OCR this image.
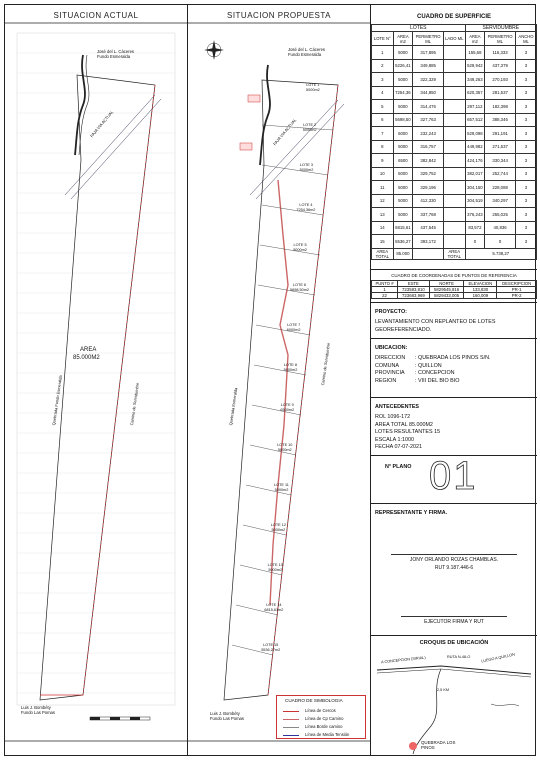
SITUACION ACTUAL
José del L. Cáceres
Fundo Esmeralda
FAJA VIA ACTUAL
AREA
85.000M2
Quebrada Fundo Esmeralda	Camino de Servidumbre
Luis J. Bombéty
Fundo Las Pomas
SITUACION PROPUESTA
José del L. Cáceres
Fundo Esmeralda
FAJA VIA ACTUAL
Quebrada Esmeralda
Camino de Servidumbre
LOTE 1
5000m2
LOTE 2
5000m2
LOTE 3
5000m2
LOTE 4
7254,36m2
LOTE 5
5000m2
LOTE 6
5698,50m2
LOTE 7
6000m2
LOTE 8
5000m2
LOTE 9
6500m2
LOTE 10
5000m2
LOTE 11
5000m2
LOTE 12
5000m2
LOTE 13
5000m2
LOTE 14
6815,61m2
LOTE 15
5536,27m2
Luis J. Bombéty
Fundo Las Pomas
CUADRO DE SIMBOLOGIA
Línea de Cercos
Línea de Cp Camino
Línea Borde camino
Línea de Media Tensión
CUADRO DE SUPERFICIE
LOTES				SERVIDUMBRE		
LOTE N°	AREA m2	PERIMETRO ML	LADO ML	AREA m2	PERIMETRO ML	ANCHO ML
1	5000	317,895		155,68	116,333	3
2	5226,41	349,885		529,942	437,379	3
3	5000	322,329		349,263	270,193	3
4	7254,36	344,850		620,357	281,537	3
5	5000	314,476		297,112	182,398	3
6	5698,50	327,763		657,512	388,346	3
7	6000	232,243		529,098	291,191	3
8	5000	316,757		449,982	271,537	3
9	6500	382,842		424,176	330,344	3
10	5000	329,752		382,017	252,744	3
11	5000	329,196		304,150	228,088	3
12	5000	412,330		304,519	340,297	3
13	5000	337,768		376,243	255,025	3
14	6815,61	437,545		83,572	40,836	3
15	5536,27	393,172		0	0	3
AREA TOTAL	85.000		AREA TOTAL	5.738,27		
CUADRO DE COORDENADAS DE PUNTOS DE REFERENCIA
PUNTO #	ESTE	NORTE	ELEVACION	DESCRIPCION
1	723583,810	5829545,816	133,830	PR-1
22	723683,969	5829433,005	160,009	PR-2
PROYECTO:
LEVANTAMIENTO CON REPLANTEO DE LOTES
GEOREFERENCIADO.
UBICACION:
DIRECCION : QUEBRADA LOS PINOS S/N.
COMUNA	: QUILLON
PROVINCIA : CONCEPCION
REGION	: VIII DEL BIO BIO
ANTECEDENTES
ROL 1096-172
AREA TOTAL 85.000M2
LOTES RESULTANTES 15
ESCALA 1:1000
FECHA 07-07-2021
N° PLANO 01
REPRESENTANTE Y FIRMA.
JONY ORLANDO ROZAS CHAMBLAS.
RUT 9.187.446-6
EJECUTOR FIRMA Y RUT
CROQUIS DE UBICACIÓN
A CONCEPCION (SIRIAL)	RUTA N-48-O	LUEGO A QUILLON
2,5 KM
QUEBRADA LOS
PINOS
